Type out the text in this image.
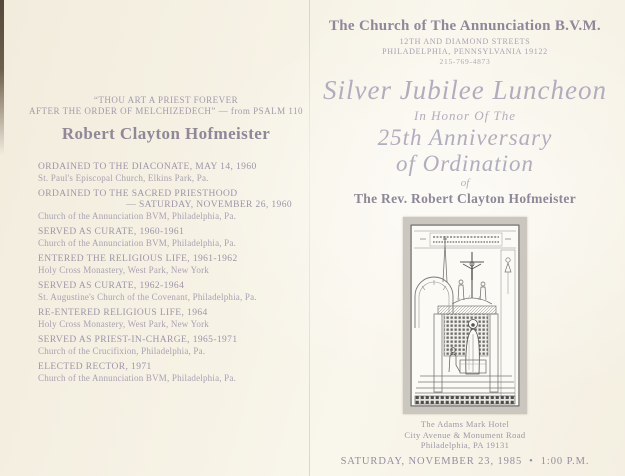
“THOU ART A PRIEST FOREVER
AFTER THE ORDER OF MELCHIZEDECH” — from PSALM 110
Robert Clayton Hofmeister
ORDAINED TO THE DIACONATE, MAY 14, 1960
St. Paul's Episcopal Church, Elkins Park, Pa.
ORDAINED TO THE SACRED PRIESTHOOD
— SATURDAY, NOVEMBER 26, 1960
Church of the Annunciation BVM, Philadelphia, Pa.
SERVED AS CURATE, 1960-1961
Church of the Annunciation BVM, Philadelphia, Pa.
ENTERED THE RELIGIOUS LIFE, 1961-1962
Holy Cross Monastery, West Park, New York
SERVED AS CURATE, 1962-1964
St. Augustine's Church of the Covenant, Philadelphia, Pa.
RE-ENTERED RELIGIOUS LIFE, 1964
Holy Cross Monastery, West Park, New York
SERVED AS PRIEST-IN-CHARGE, 1965-1971
Church of the Crucifixion, Philadelphia, Pa.
ELECTED RECTOR, 1971
Church of the Annunciation BVM, Philadelphia, Pa.
The Church of The Annunciation B.V.M.
12TH AND DIAMOND STREETS
PHILADELPHIA, PENNSYLVANIA 19122
215-769-4873
Silver Jubilee Luncheon
In Honor Of The
25th Anniversary
of Ordination
of
The Rev. Robert Clayton Hofmeister
The Adams Mark Hotel
City Avenue & Monument Road
Philadelphia, PA 19131
SATURDAY, NOVEMBER 23, 1985  •  1:00 P.M.
